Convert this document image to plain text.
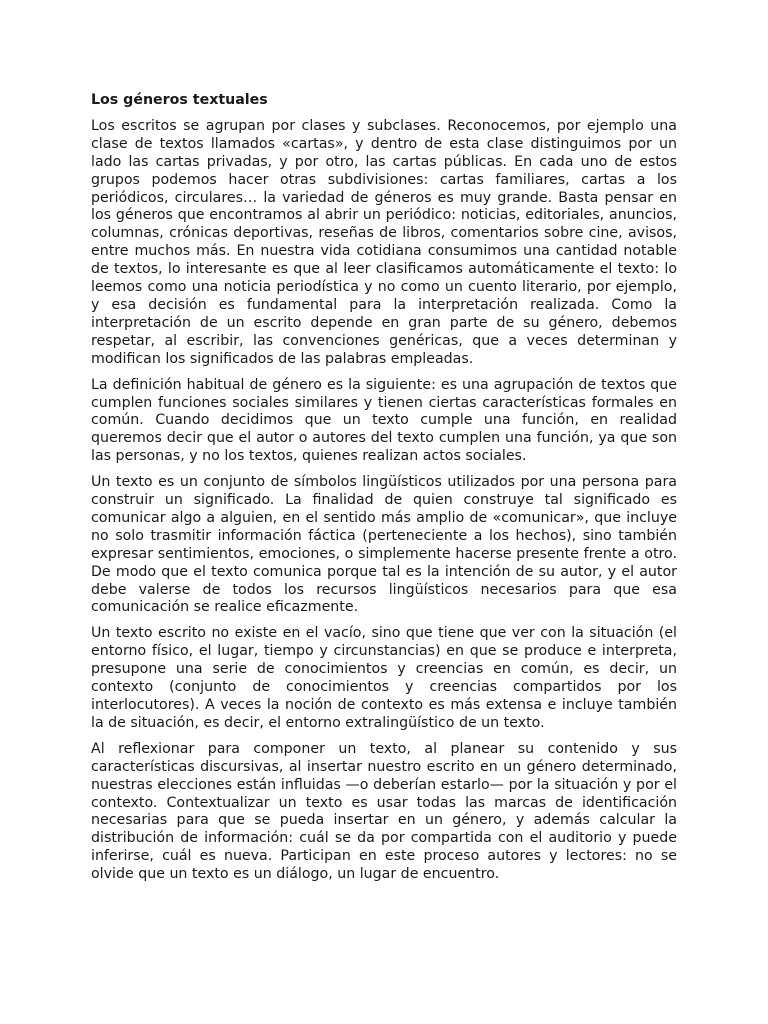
Los géneros textuales

Los escritos se agrupan por clases y subclases. Reconocemos, por ejemplo una clase de textos llamados «cartas», y dentro de esta clase distinguimos por un lado las cartas privadas, y por otro, las cartas públicas. En cada uno de estos grupos podemos hacer otras subdivisiones: cartas familiares, cartas a los periódicos, circulares… la variedad de géneros es muy grande. Basta pensar en los géneros que encontramos al abrir un periódico: noticias, editoriales, anuncios, columnas, crónicas deportivas, reseñas de libros, comentarios sobre cine, avisos, entre muchos más. En nuestra vida cotidiana consumimos una cantidad notable de textos, lo interesante es que al leer clasificamos automáticamente el texto: lo leemos como una noticia periodística y no como un cuento literario, por ejemplo, y esa decisión es fundamental para la interpretación realizada. Como la interpretación de un escrito depende en gran parte de su género, debemos respetar, al escribir, las convenciones genéricas, que a veces determinan y modifican los significados de las palabras empleadas.

La definición habitual de género es la siguiente: es una agrupación de textos que cumplen funciones sociales similares y tienen ciertas características formales en común. Cuando decidimos que un texto cumple una función, en realidad queremos decir que el autor o autores del texto cumplen una función, ya que son las personas, y no los textos, quienes realizan actos sociales.

Un texto es un conjunto de símbolos lingüísticos utilizados por una persona para construir un significado. La finalidad de quien construye tal significado es comunicar algo a alguien, en el sentido más amplio de «comunicar», que incluye no solo trasmitir información fáctica (perteneciente a los hechos), sino también expresar sentimientos, emociones, o simplemente hacerse presente frente a otro. De modo que el texto comunica porque tal es la intención de su autor, y el autor debe valerse de todos los recursos lingüísticos necesarios para que esa comunicación se realice eficazmente.

Un texto escrito no existe en el vacío, sino que tiene que ver con la situación (el entorno físico, el lugar, tiempo y circunstancias) en que se produce e interpreta, presupone una serie de conocimientos y creencias en común, es decir, un contexto (conjunto de conocimientos y creencias compartidos por los interlocutores). A veces la noción de contexto es más extensa e incluye también la de situación, es decir, el entorno extralingüístico de un texto.

Al reflexionar para componer un texto, al planear su contenido y sus características discursivas, al insertar nuestro escrito en un género determinado, nuestras elecciones están influidas —o deberían estarlo— por la situación y por el contexto. Contextualizar un texto es usar todas las marcas de identificación necesarias para que se pueda insertar en un género, y además calcular la distribución de información: cuál se da por compartida con el auditorio y puede inferirse, cuál es nueva. Participan en este proceso autores y lectores: no se olvide que un texto es un diálogo, un lugar de encuentro.
